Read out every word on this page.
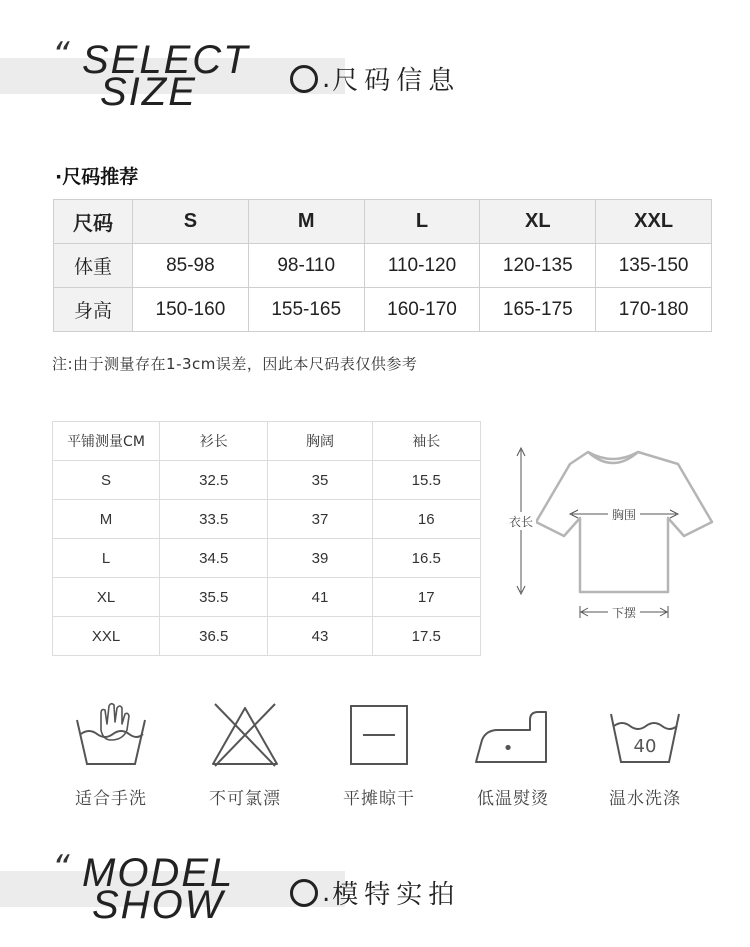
“ SELECT
SIZE	. 尺码信息
·尺码推荐
尺码	S	M	L	XL	XXL
体重	85-98	98-110	110-120	120-135	135-150
身高	150-160	155-165	160-170	165-175	170-180
注:由于测量存在1-3cm误差，因此本尺码表仅供参考
平铺测量CM	衫长	胸阔	袖长
S	32.5	35	15.5
M	33.5	37	16
L	34.5	39	16.5
XL	35.5	41	17
XXL	36.5	43	17.5
衣长	胸围
下摆
适合手洗	不可氯漂	平摊晾干
•
低温熨烫
40
温水洗涤
“ MODEL
SHOW	. 模特实拍
